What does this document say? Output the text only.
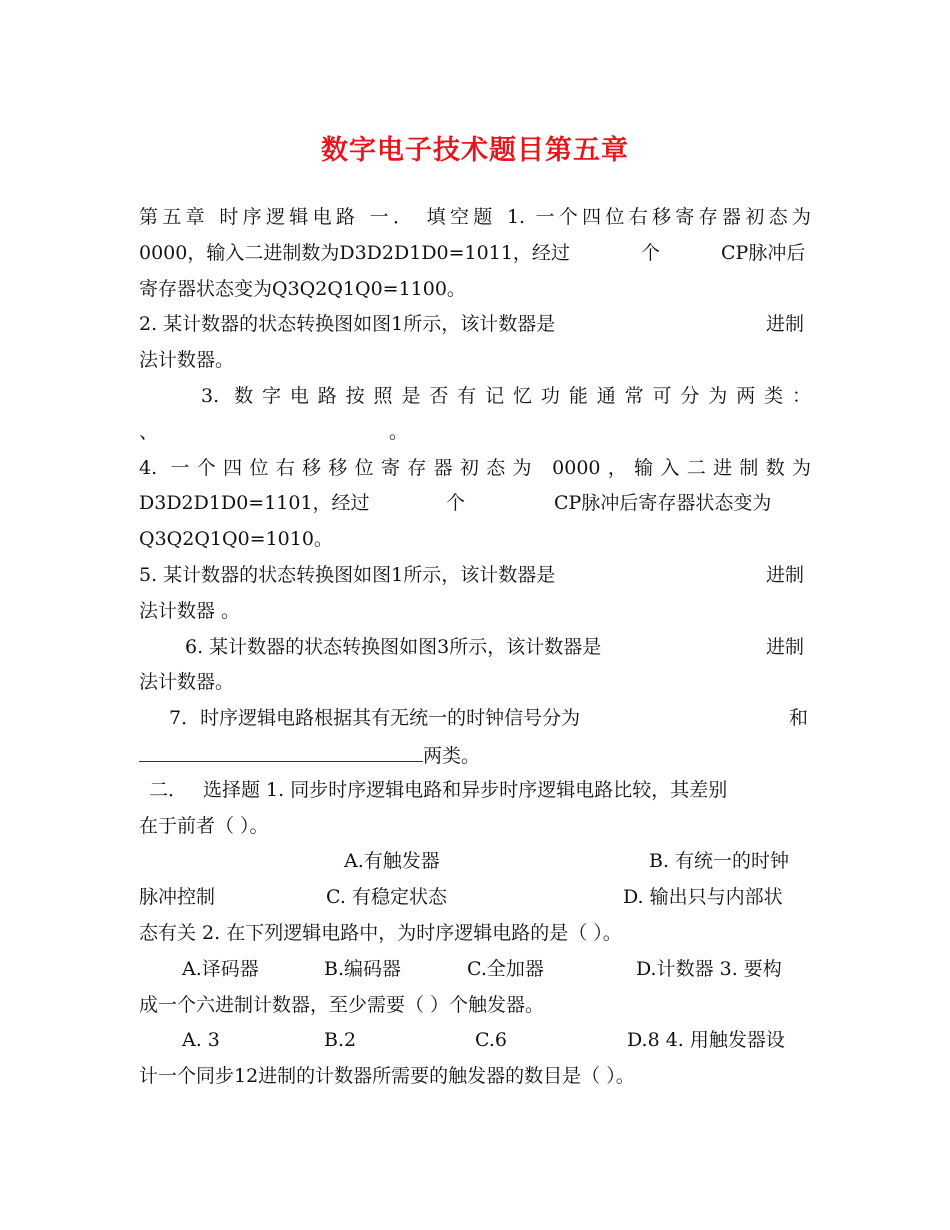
数字电子技术题目第五章
第五章 时序逻辑电路 一． 填空题 1. 一个四位右移寄存器初态为
0000，输入二进制数为D3D2D1D0=1011，经过	个	CP脉冲后
寄存器状态变为Q3Q2Q1Q0=1100。
2. 某计数器的状态转换图如图1所示，该计数器是	进制
法计数器。
3. 数字电路按照是否有记忆功能通常可分为两类：
、	。
4. 一个四位右移移位寄存器初态为 0000，输入二进制数为
D3D2D1D0=1101，经过	个	CP脉冲后寄存器状态变为
Q3Q2Q1Q0=1010。
5. 某计数器的状态转换图如图1所示，该计数器是	进制
法计数器 。
6. 某计数器的状态转换图如图3所示，该计数器是	进制
法计数器。
7．时序逻辑电路根据其有无统一的时钟信号分为	和
两类。
二． 选择题 1. 同步时序逻辑电路和异步时序逻辑电路比较，其差别
在于前者（ ）。
A.有触发器	B. 有统一的时钟
脉冲控制	C. 有稳定状态	D. 输出只与内部状
态有关 2. 在下列逻辑电路中，为时序逻辑电路的是（ ）。
A.译码器	B.编码器	C.全加器	D.计数器 3. 要构
成一个六进制计数器，至少需要（ ）个触发器。
A. 3	B.2	C.6	D.8 4. 用触发器设
计一个同步12进制的计数器所需要的触发器的数目是（ ）。
